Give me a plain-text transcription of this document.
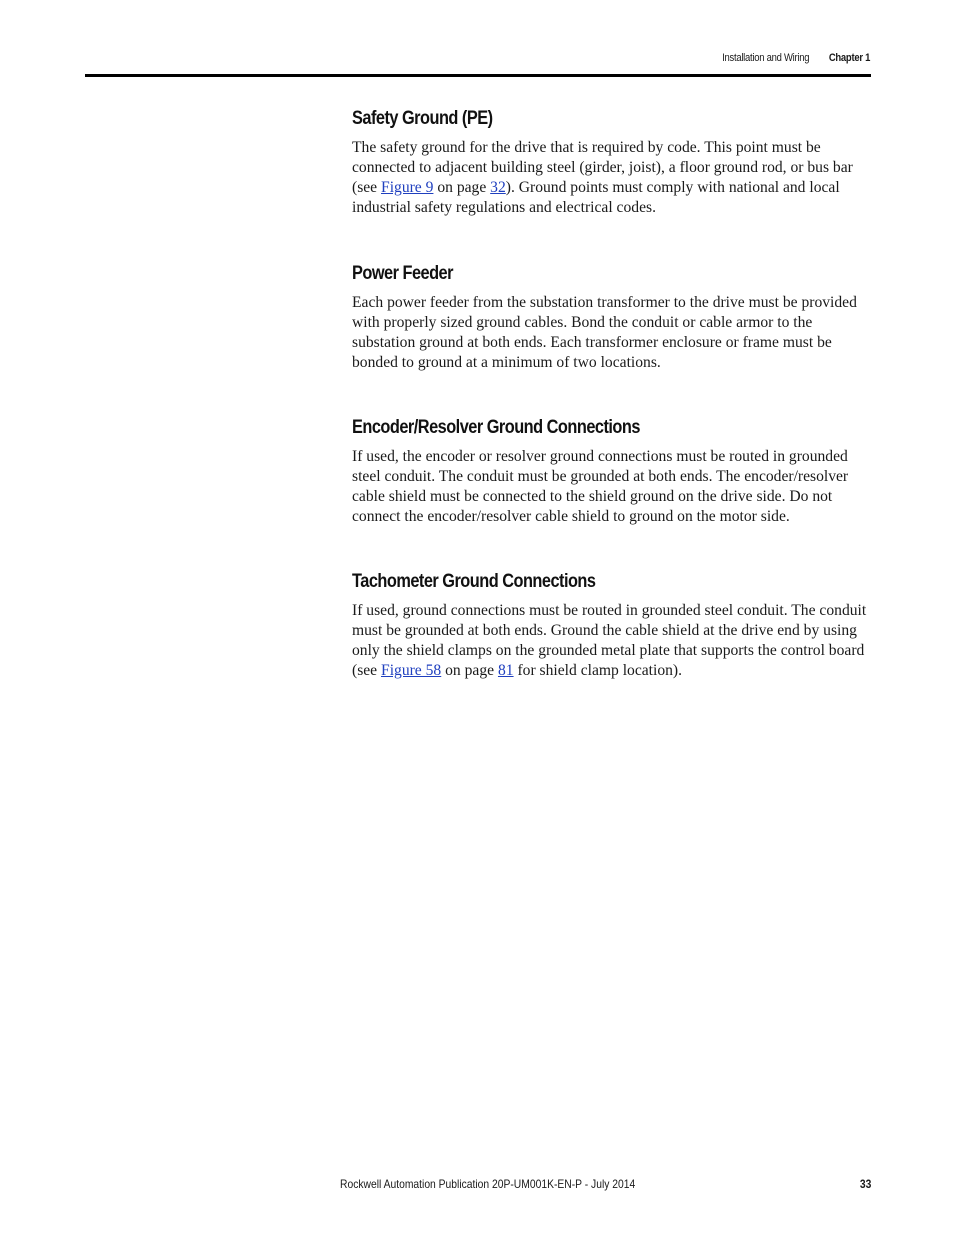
Installation and Wiring Chapter 1
Safety Ground (PE)

The safety ground for the drive that is required by code. This point must be connected to adjacent building steel (girder, joist), a floor ground rod, or bus bar (see Figure 9 on page 32). Ground points must comply with national and local industrial safety regulations and electrical codes.

Power Feeder

Each power feeder from the substation transformer to the drive must be provided with properly sized ground cables. Bond the conduit or cable armor to the substation ground at both ends. Each transformer enclosure or frame must be bonded to ground at a minimum of two locations.

Encoder/Resolver Ground Connections

If used, the encoder or resolver ground connections must be routed in grounded steel conduit. The conduit must be grounded at both ends. The encoder/resolver cable shield must be connected to the shield ground on the drive side. Do not connect the encoder/resolver cable shield to ground on the motor side.

Tachometer Ground Connections

If used, ground connections must be routed in grounded steel conduit. The conduit must be grounded at both ends. Ground the cable shield at the drive end by using only the shield clamps on the grounded metal plate that supports the control board (see Figure 58 on page 81 for shield clamp location).

Rockwell Automation Publication 20P-UM001K-EN-P - July 2014	33
